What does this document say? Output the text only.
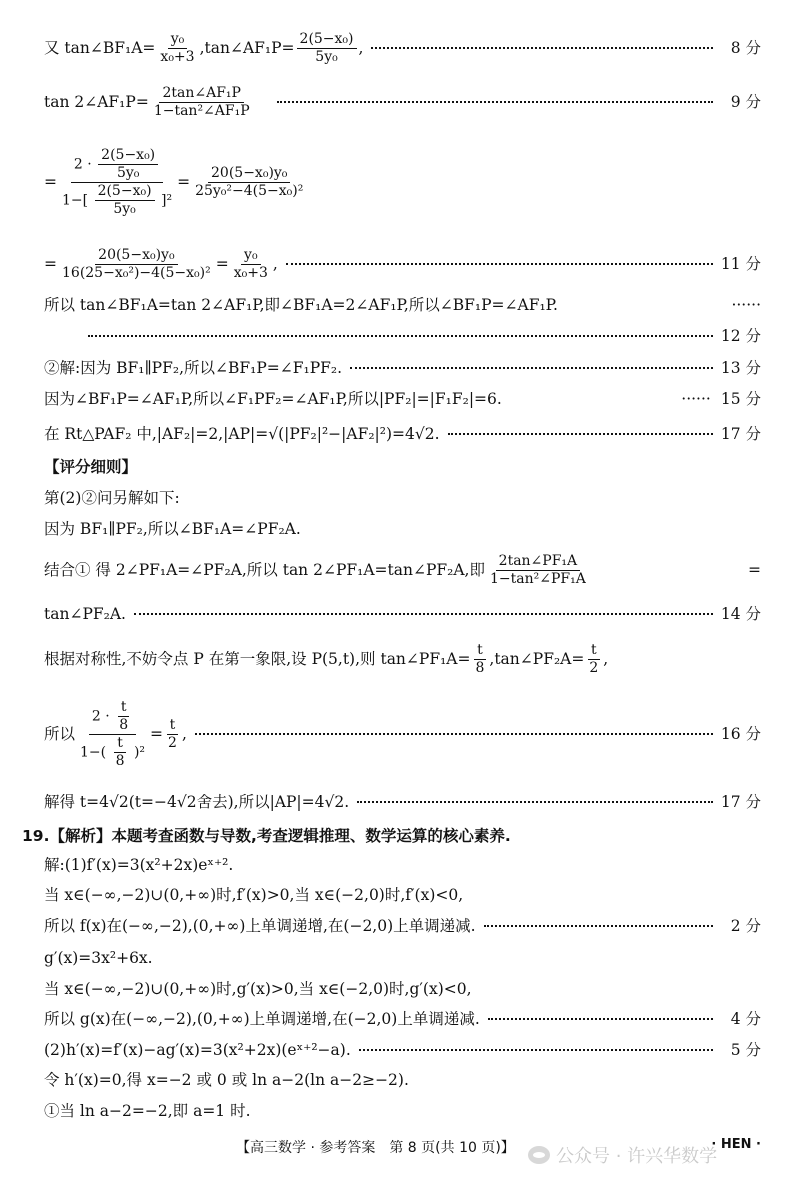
又 tan∠BF₁A= $\frac{\text{y₀}}{\text{x₀+3}}$ ,tan∠AF₁P= $\frac{\text{2(5−x₀)}}{\text{5y₀}}$ ,	8 分
tan 2∠AF₁P= $\frac{\text{2tan∠AF₁P}}{\text{1−tan²∠AF₁P}}$	9 分
= $\frac{2 \cdot \frac{\text{2(5−x₀)}}{\text{5y₀}}}{1-[ \frac{\text{2(5−x₀)}}{\text{5y₀}} ]^2} = \frac{\text{20(5−x₀)y₀}}{\text{25y₀²−4(5−x₀)²}}$
= $\frac{\text{20(5−x₀)y₀}}{\text{16(25−x₀²)−4(5−x₀)²}} = \frac{\text{y₀}}{\text{x₀+3}}$ ,	11 分
所以 tan∠BF₁A=tan 2∠AF₁P,即∠BF₁A=2∠AF₁P,所以∠BF₁P=∠AF₁P.	······
12 分
②解:因为 BF₁∥PF₂,所以∠BF₁P=∠F₁PF₂.	13 分
因为∠BF₁P=∠AF₁P,所以∠F₁PF₂=∠AF₁P,所以|PF₂|=|F₁F₂|=6.	······ 15 分
在 Rt△PAF₂ 中,|AF₂|=2,|AP|=√(|PF₂|²−|AF₂|²)=4√2.	17 分
【评分细则】
第(2)②问另解如下:
因为 BF₁∥PF₂,所以∠BF₁A=∠PF₂A.
结合① 得 2∠PF₁A=∠PF₂A,所以 tan 2∠PF₁A=tan∠PF₂A,即 $\frac{\text{2tan∠PF₁A}}{\text{1−tan²∠PF₁A}}$	=
tan∠PF₂A.	14 分
根据对称性,不妨令点 P 在第一象限,设 P(5,t),则 tan∠PF₁A= $\frac{t}{8}$ ,tan∠PF₂A= $\frac{t}{2}$ ,
所以 $\frac{2 \cdot \frac{t}{8}}{1-( \frac{t}{8} )^2} = \frac{t}{2}$ ,	16 分
解得 t=4√2(t=−4√2舍去),所以|AP|=4√2.	17 分
19.【解析】本题考查函数与导数,考查逻辑推理、数学运算的核心素养.
解:(1)f′(x)=3(x²+2x)eˣ⁺².
当 x∈(−∞,−2)∪(0,+∞)时,f′(x)>0,当 x∈(−2,0)时,f′(x)<0,
所以 f(x)在(−∞,−2),(0,+∞)上单调递增,在(−2,0)上单调递减.	2 分
g′(x)=3x²+6x.
当 x∈(−∞,−2)∪(0,+∞)时,g′(x)>0,当 x∈(−2,0)时,g′(x)<0,
所以 g(x)在(−∞,−2),(0,+∞)上单调递增,在(−2,0)上单调递减.	4 分
(2)h′(x)=f′(x)−ag′(x)=3(x²+2x)(eˣ⁺²−a).	5 分
令 h′(x)=0,得 x=−2 或 0 或 ln a−2(ln a−2≥−2).
①当 ln a−2=−2,即 a=1 时.
【高三数学 · 参考答案　第 8 页(共 10 页)】	· HEN ·
公众号 · 许兴华数学
